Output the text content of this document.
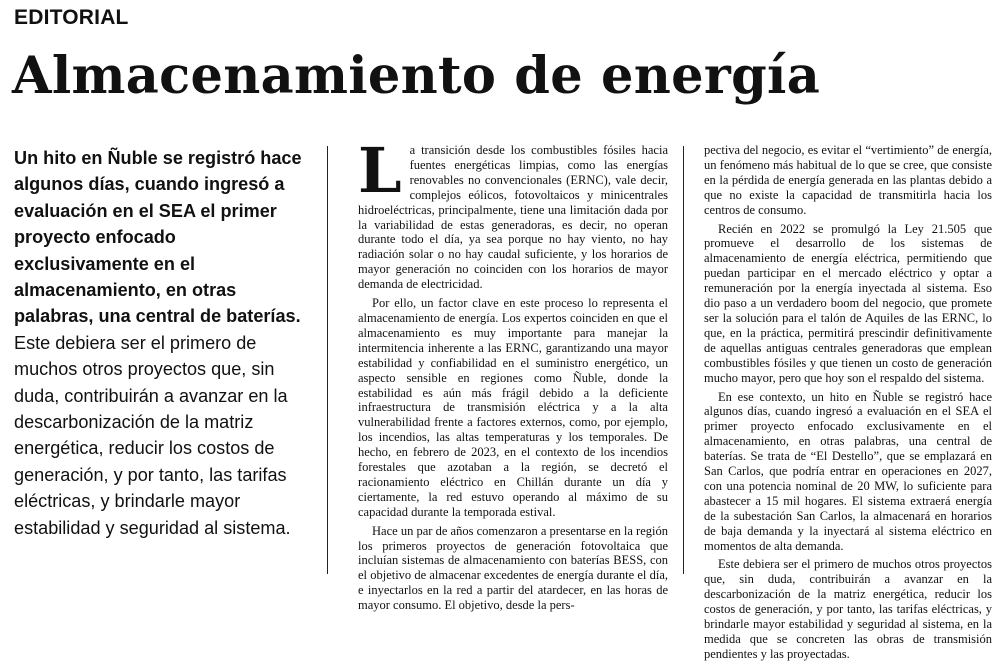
EDITORIAL
Almacenamiento de energía
Un hito en Ñuble se registró hace algunos días, cuando ingresó a evaluación en el SEA el primer proyecto enfocado exclusivamente en el almacenamiento, en otras palabras, una central de baterías. Este debiera ser el primero de muchos otros proyectos que, sin duda, contribuirán a avanzar en la descarbonización de la matriz energética, reducir los costos de generación, y por tanto, las tarifas eléctricas, y brindarle mayor estabilidad y seguridad al sistema.
L a transición desde los combustibles fósiles hacia fuentes energéticas limpias, como las energías renovables no convencionales (ERNC), vale decir, complejos eólicos, fotovoltaicos y minicentrales hidroeléctricas, principalmente, tiene una limitación dada por la variabilidad de estas generadoras, es decir, no operan durante todo el día, ya sea porque no hay viento, no hay radiación solar o no hay caudal suficiente, y los horarios de mayor generación no coinciden con los horarios de mayor demanda de electricidad.

Por ello, un factor clave en este proceso lo representa el almacenamiento de energía. Los expertos coinciden en que el almacenamiento es muy importante para manejar la intermitencia inherente a las ERNC, garantizando una mayor estabilidad y confiabilidad en el suministro energético, un aspecto sensible en regiones como Ñuble, donde la estabilidad es aún más frágil debido a la deficiente infraestructura de transmisión eléctrica y a la alta vulnerabilidad frente a factores externos, como, por ejemplo, los incendios, las altas temperaturas y los temporales. De hecho, en febrero de 2023, en el contexto de los incendios forestales que azotaban a la región, se decretó el racionamiento eléctrico en Chillán durante un día y ciertamente, la red estuvo operando al máximo de su capacidad durante la temporada estival.

Hace un par de años comenzaron a presentarse en la región los primeros proyectos de generación fotovoltaica que incluían sistemas de almacenamiento con baterías BESS, con el objetivo de almacenar excedentes de energía durante el día, e inyectarlos en la red a partir del atardecer, en las horas de mayor consumo. El objetivo, desde la pers-

pectiva del negocio, es evitar el “vertimiento” de energía, un fenómeno más habitual de lo que se cree, que consiste en la pérdida de energía generada en las plantas debido a que no existe la capacidad de transmitirla hacia los centros de consumo.

Recién en 2022 se promulgó la Ley 21.505 que promueve el desarrollo de los sistemas de almacenamiento de energía eléctrica, permitiendo que puedan participar en el mercado eléctrico y optar a remuneración por la energía inyectada al sistema. Eso dio paso a un verdadero boom del negocio, que promete ser la solución para el talón de Aquiles de las ERNC, lo que, en la práctica, permitirá prescindir definitivamente de aquellas antiguas centrales generadoras que emplean combustibles fósiles y que tienen un costo de generación mucho mayor, pero que hoy son el respaldo del sistema.

En ese contexto, un hito en Ñuble se registró hace algunos días, cuando ingresó a evaluación en el SEA el primer proyecto enfocado exclusivamente en el almacenamiento, en otras palabras, una central de baterías. Se trata de “El Destello”, que se emplazará en San Carlos, que podría entrar en operaciones en 2027, con una potencia nominal de 20 MW, lo suficiente para abastecer a 15 mil hogares. El sistema extraerá energía de la subestación San Carlos, la almacenará en horarios de baja demanda y la inyectará al sistema eléctrico en momentos de alta demanda.

Este debiera ser el primero de muchos otros proyectos que, sin duda, contribuirán a avanzar en la descarbonización de la matriz energética, reducir los costos de generación, y por tanto, las tarifas eléctricas, y brindarle mayor estabilidad y seguridad al sistema, en la medida que se concreten las obras de transmisión pendientes y las proyectadas.
